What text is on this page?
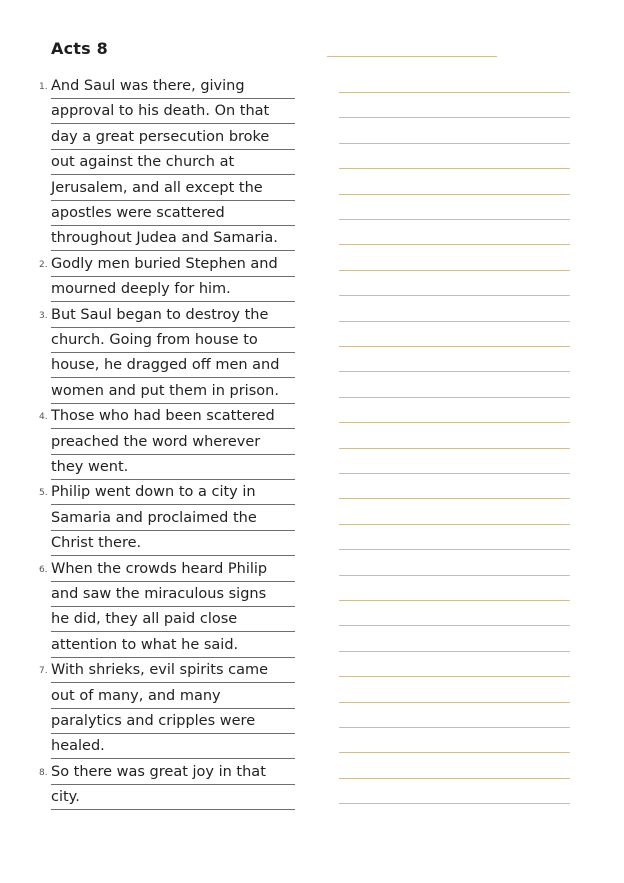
Acts 8
1. And Saul was there, giving
approval to his death. On that
day a great persecution broke
out against the church at
Jerusalem, and all except the
apostles were scattered
throughout Judea and Samaria.
2. Godly men buried Stephen and
mourned deeply for him.
3. But Saul began to destroy the
church. Going from house to
house, he dragged off men and
women and put them in prison.
4. Those who had been scattered
preached the word wherever
they went.
5. Philip went down to a city in
Samaria and proclaimed the
Christ there.
6. When the crowds heard Philip
and saw the miraculous signs
he did, they all paid close
attention to what he said.
7. With shrieks, evil spirits came
out of many, and many
paralytics and cripples were
healed.
8. So there was great joy in that
city.
